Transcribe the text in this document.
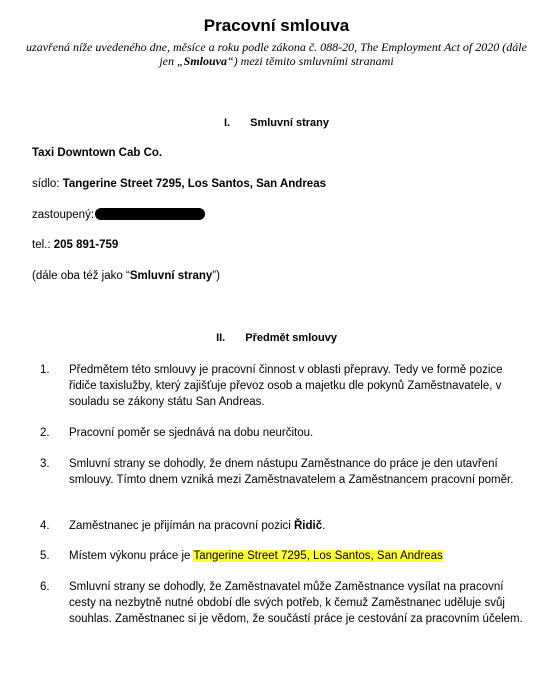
Pracovní smlouva
uzavřená níže uvedeného dne, měsíce a roku podle zákona č. 088-20, The Employment Act of 2020 (dále jen „Smlouva“) mezi těmito smluvními stranami
I. Smluvní strany
Taxi Downtown Cab Co.
sídlo: Tangerine Street 7295, Los Santos, San Andreas
zastoupený:
tel.: 205 891-759
(dále oba též jako “Smluvní strany”)
II. Předmět smlouvy
1. Předmětem této smlouvy je pracovní činnost v oblasti přepravy. Tedy ve formě pozice řidiče taxislužby, který zajišťuje převoz osob a majetku dle pokynů Zaměstnavatele, v souladu se zákony státu San Andreas.
2. Pracovní poměr se sjednává na dobu neurčitou.
3. Smluvní strany se dohodly, že dnem nástupu Zaměstnance do práce je den utavření smlouvy. Tímto dnem vzniká mezi Zaměstnavatelem a Zaměstnancem pracovní poměr.
4. Zaměstnanec je přijímán na pracovní pozici Řidič.
5. Místem výkonu práce je Tangerine Street 7295, Los Santos, San Andreas
6. Smluvní strany se dohodly, že Zaměstnavatel může Zaměstnance vysílat na pracovní cesty na nezbytně nutné období dle svých potřeb, k čemuž Zaměstnanec uděluje svůj souhlas. Zaměstnanec si je vědom, že součástí práce je cestování za pracovním účelem.
